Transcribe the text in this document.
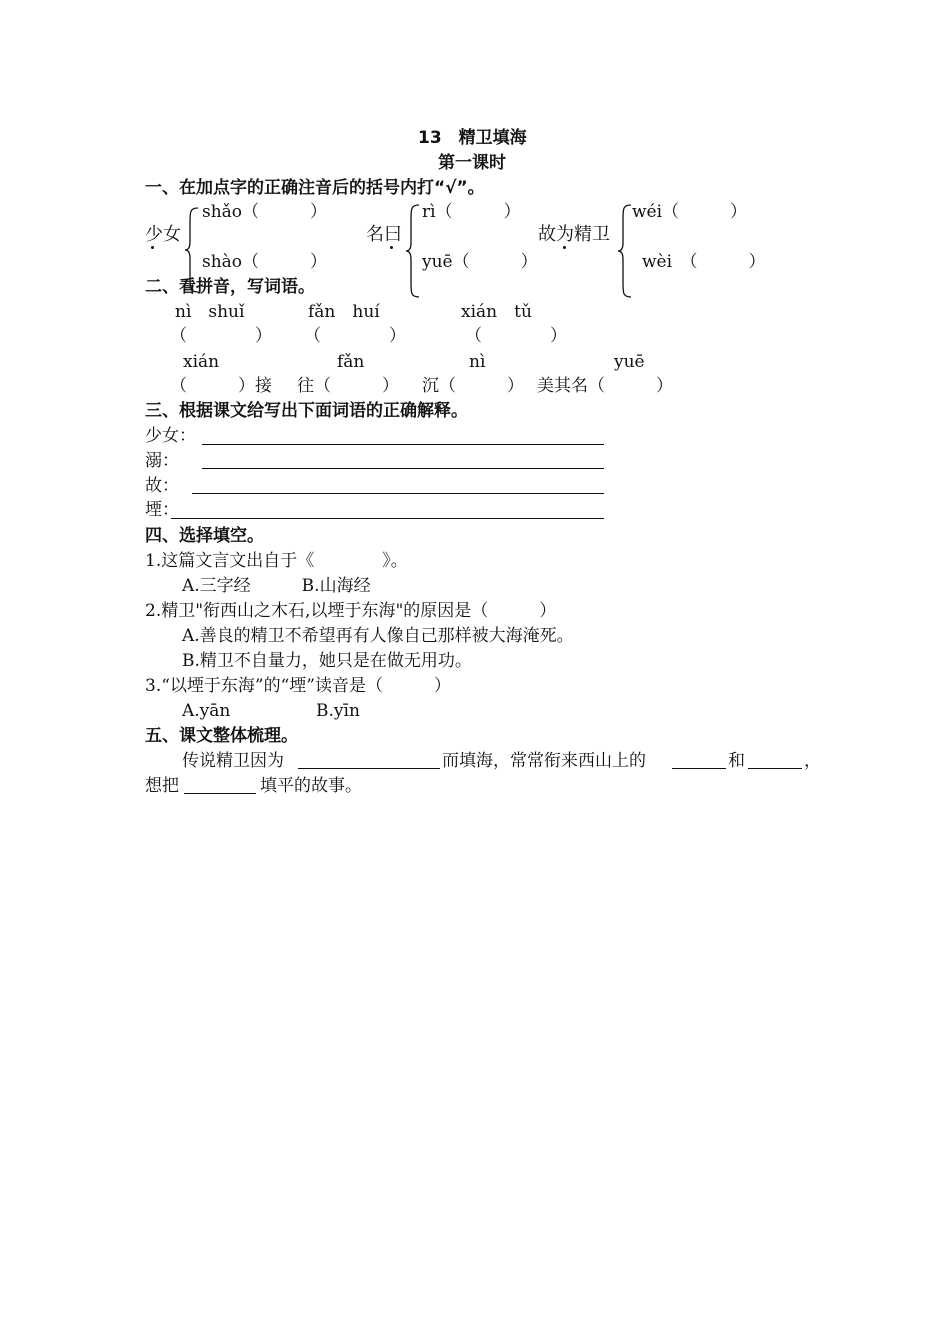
13　精卫填海
第一课时
一、在加点字的正确注音后的括号内打“√”。
少女
shǎo（　　　）
shào（　　　）
名曰
rì（　　　）
yuē（　　　）
故为精卫
wéi（　　　）
wèi　（　　　）
二、看拼音，写词语。
nì　shuǐ	fǎn　huí	xián　tǔ
（　　　　） （　　　　）	（　　　　）
xián	fǎn	nì	yuē
（　　　）接 往（　　　） 沉（　　　） 美其名（　　　）
三、根据课文给写出下面词语的正确解释。
少女：
溺：
故：
堙：
四、选择填空。
1.这篇文言文出自于《　　　　》。
A.三字经　　　B.山海经
2.精卫"衔西山之木石,以堙于东海"的原因是（　　　）
A.善良的精卫不希望再有人像自己那样被大海淹死。
B.精卫不自量力，她只是在做无用功。
3.“以堙于东海”的“堙”读音是（　　　）
A.yān	B.yīn
五、课文整体梳理。
传说精卫因为	而填海，常常衔来西山上的	和	，
想把	填平的故事。
